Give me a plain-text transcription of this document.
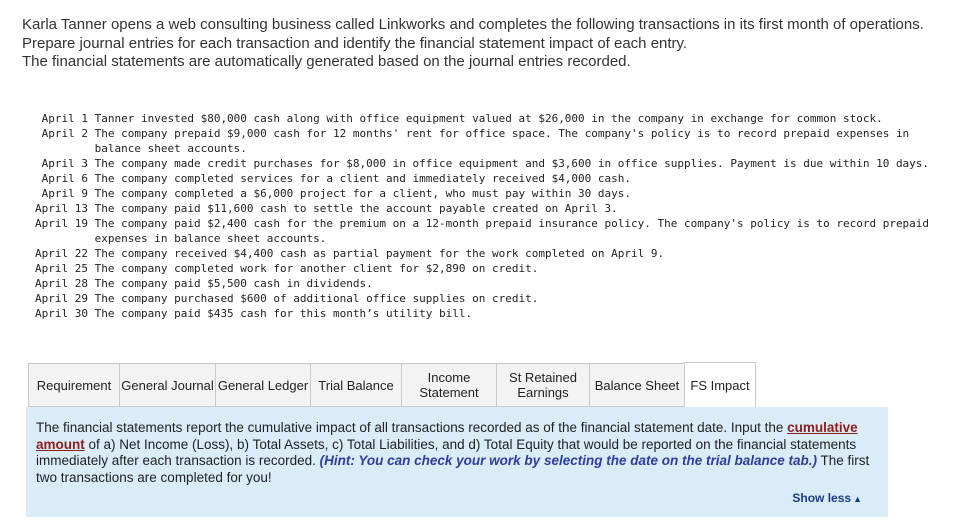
Karla Tanner opens a web consulting business called Linkworks and completes the following transactions in its first month of operations.

Prepare journal entries for each transaction and identify the financial statement impact of each entry.

The financial statements are automatically generated based on the journal entries recorded.

April 1 Tanner invested $80,000 cash along with office equipment valued at $26,000 in the company in exchange for common stock.
April 2 The company prepaid $9,000 cash for 12 months' rent for office space. The company's policy is to record prepaid expenses in balance sheet accounts.
April 3 The company made credit purchases for $8,000 in office equipment and $3,600 in office supplies. Payment is due within 10 days.
April 6 The company completed services for a client and immediately received $4,000 cash.
April 9 The company completed a $6,000 project for a client, who must pay within 30 days.
April 13 The company paid $11,600 cash to settle the account payable created on April 3.
April 19 The company paid $2,400 cash for the premium on a 12-month prepaid insurance policy. The company's policy is to record prepaid expenses in balance sheet accounts.
April 22 The company received $4,400 cash as partial payment for the work completed on April 9.
April 25 The company completed work for another client for $2,890 on credit.
April 28 The company paid $5,500 cash in dividends.
April 29 The company purchased $600 of additional office supplies on credit.
April 30 The company paid $435 cash for this month’s utility bill.
Requirement General Journal General Ledger Trial Balance	Income Statement
St Retained Earnings	Balance Sheet FS Impact
The financial statements report the cumulative impact of all transactions recorded as of the financial statement date. Input the cumulative amount of a) Net Income (Loss), b) Total Assets, c) Total Liabilities, and d) Total Equity that would be reported on the financial statements immediately after each transaction is recorded. (Hint: You can check your work by selecting the date on the trial balance tab.) The first two transactions are completed for you!
Show less ▲
